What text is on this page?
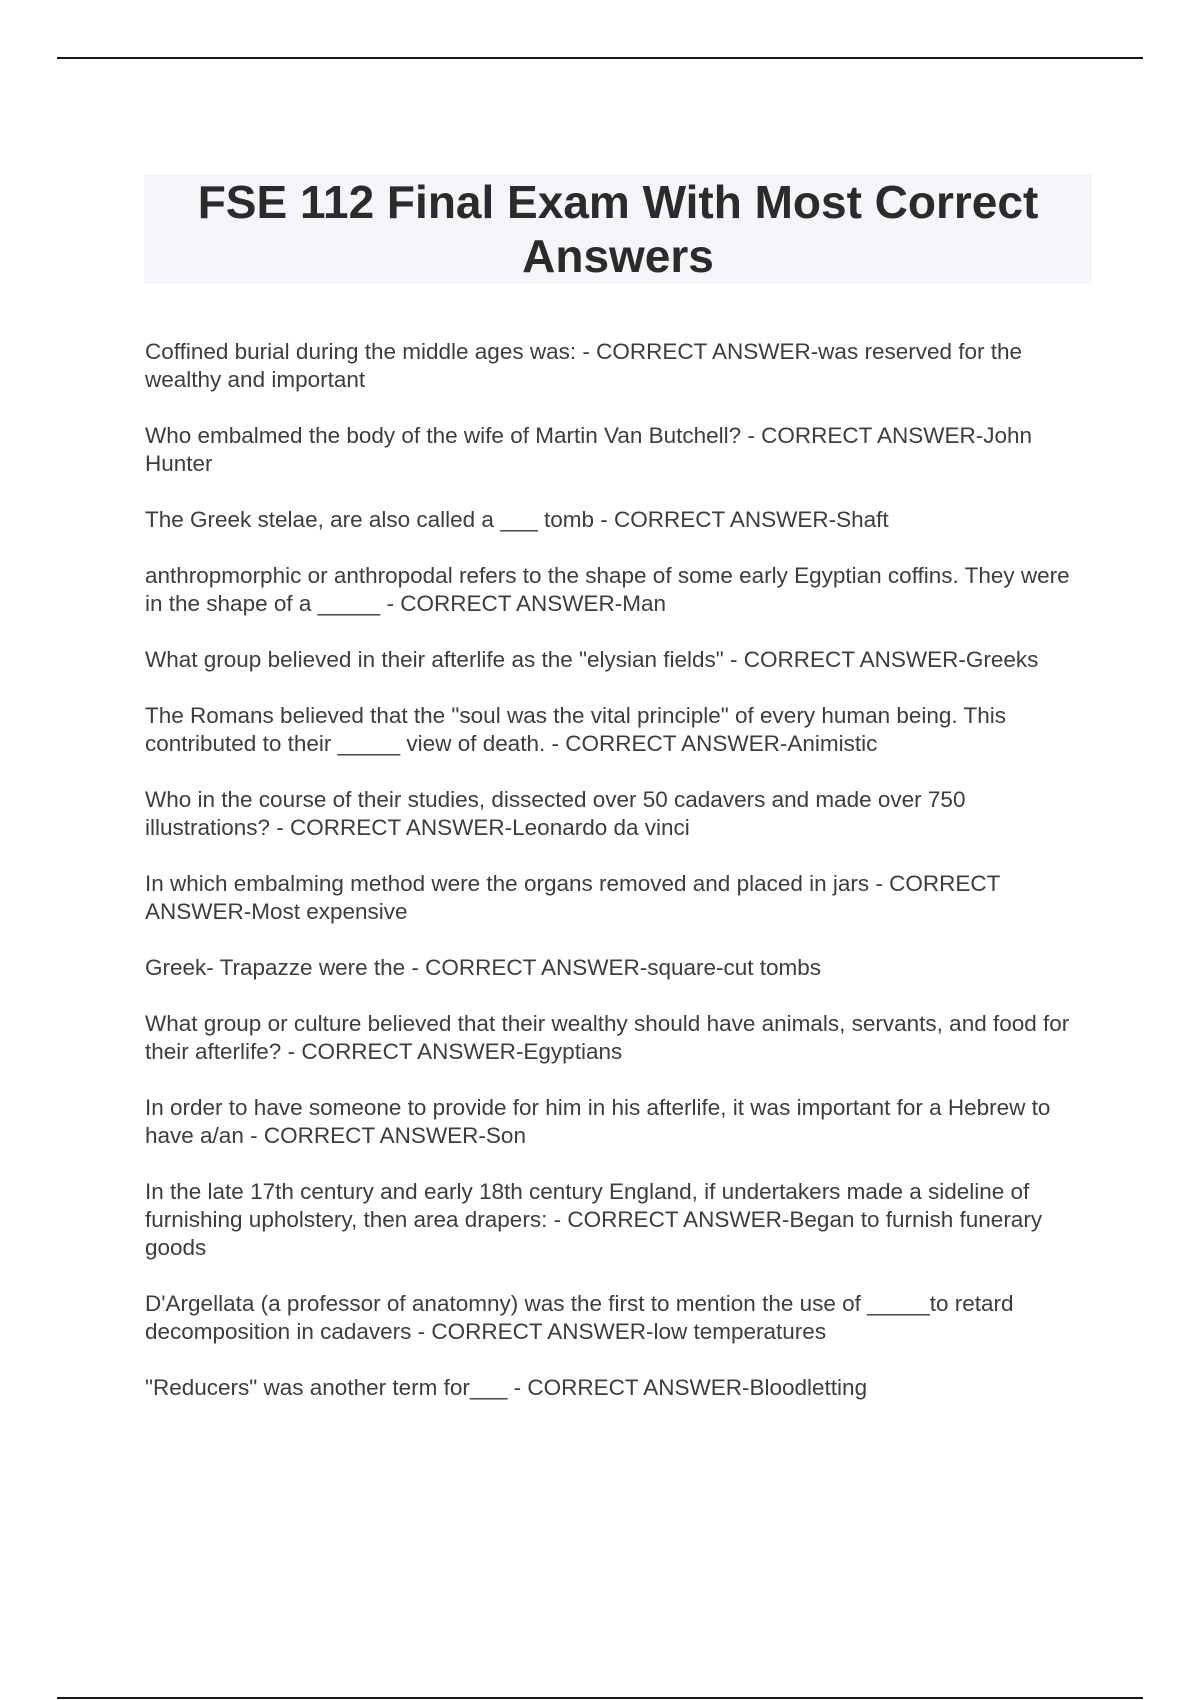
FSE 112 Final Exam With Most Correct Answers
Coffined burial during the middle ages was: - CORRECT ANSWER-was reserved for the wealthy and important
Who embalmed the body of the wife of Martin Van Butchell? - CORRECT ANSWER-John Hunter
The Greek stelae, are also called a ___ tomb - CORRECT ANSWER-Shaft
anthropmorphic or anthropodal refers to the shape of some early Egyptian coffins. They were in the shape of a _____ - CORRECT ANSWER-Man
What group believed in their afterlife as the "elysian fields" - CORRECT ANSWER-Greeks
The Romans believed that the "soul was the vital principle" of every human being. This contributed to their _____ view of death. - CORRECT ANSWER-Animistic
Who in the course of their studies, dissected over 50 cadavers and made over 750 illustrations? - CORRECT ANSWER-Leonardo da vinci
In which embalming method were the organs removed and placed in jars - CORRECT ANSWER-Most expensive
Greek- Trapazze were the - CORRECT ANSWER-square-cut tombs
What group or culture believed that their wealthy should have animals, servants, and food for their afterlife? - CORRECT ANSWER-Egyptians
In order to have someone to provide for him in his afterlife, it was important for a Hebrew to have a/an - CORRECT ANSWER-Son
In the late 17th century and early 18th century England, if undertakers made a sideline of furnishing upholstery, then area drapers: - CORRECT ANSWER-Began to furnish funerary goods
D'Argellata (a professor of anatomny) was the first to mention the use of _____to retard decomposition in cadavers - CORRECT ANSWER-low temperatures
"Reducers" was another term for___ - CORRECT ANSWER-Bloodletting
